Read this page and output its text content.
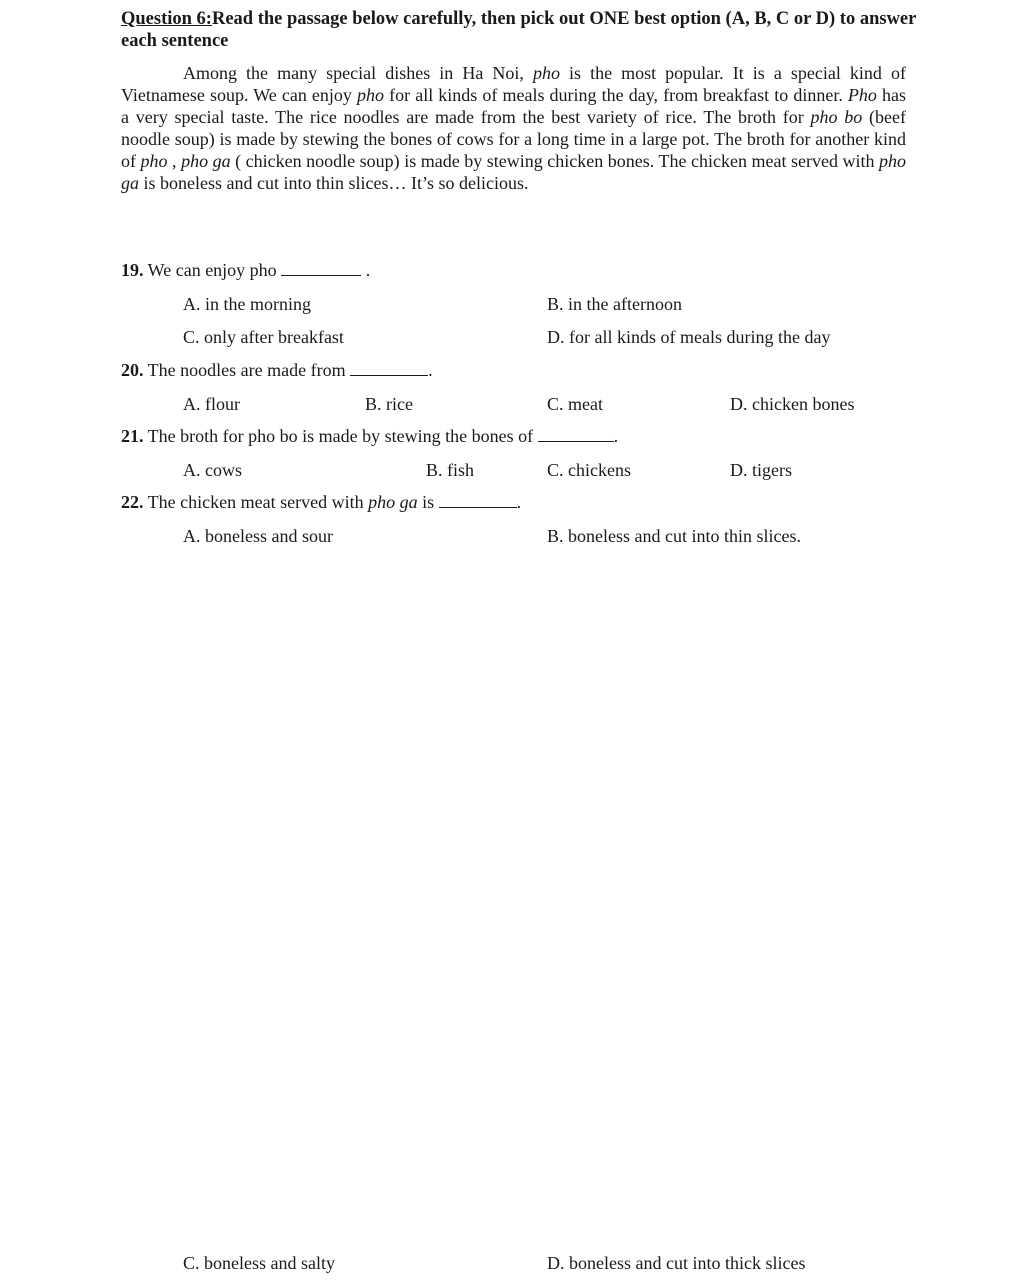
Question 6:Read the passage below carefully, then pick out ONE best option (A, B, C or D) to answer each sentence

Among the many special dishes in Ha Noi, pho is the most popular. It is a special kind of Vietnamese soup. We can enjoy pho for all kinds of meals during the day, from breakfast to dinner. Pho has a very special taste. The rice noodles are made from the best variety of rice. The broth for pho bo (beef noodle soup) is made by stewing the bones of cows for a long time in a large pot. The broth for another kind of pho , pho ga ( chicken noodle soup) is made by stewing chicken bones. The chicken meat served with pho ga is boneless and cut into thin slices… It’s so delicious.

19. We can enjoy pho	.
A. in the morning	B. in the afternoon
C. only after breakfast	D. for all kinds of meals during the day
20. The noodles are made from	.
A. flour	B. rice	C. meat	D. chicken bones
21. The broth for pho bo is made by stewing the bones of	.
A. cows	B. fish	C. chickens	D. tigers
22. The chicken meat served with pho ga is	.
A. boneless and sour	B. boneless and cut into thin slices.
C. boneless and salty	D. boneless and cut into thick slices
